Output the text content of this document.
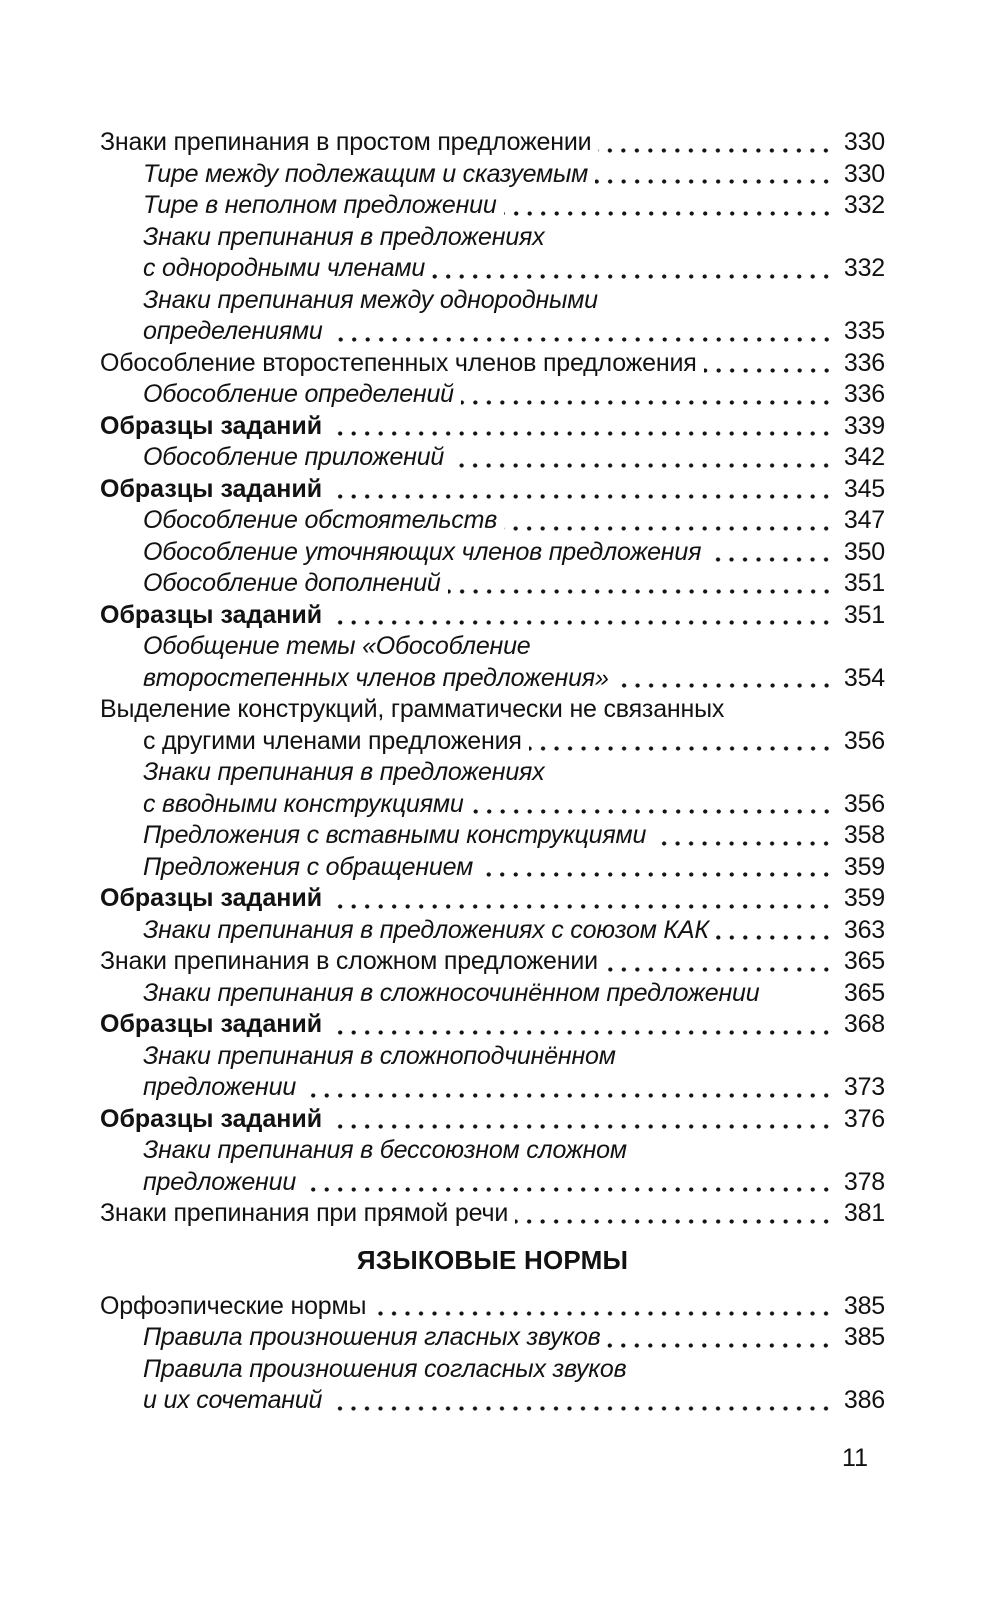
Знаки препинания в простом предложении	330
Тире между подлежащим и сказуемым	330
Тире в неполном предложении	332
Знаки препинания в предложениях
с однородными членами	332
Знаки препинания между однородными
определениями	335
Обособление второстепенных членов предложения	336
Обособление определений	336
Образцы заданий	339
Обособление приложений	342
Образцы заданий	345
Обособление обстоятельств	347
Обособление уточняющих членов предложения	350
Обособление дополнений	351
Образцы заданий	351
Обобщение темы «Обособление
второстепенных членов предложения»	354
Выделение конструкций, грамматически не связанных
с другими членами предложения	356
Знаки препинания в предложениях
с вводными конструкциями	356
Предложения с вставными конструкциями	358
Предложения с обращением	359
Образцы заданий	359
Знаки препинания в предложениях с союзом КАК	363
Знаки препинания в сложном предложении	365
Знаки препинания в сложносочинённом предложении	365
Образцы заданий	368
Знаки препинания в сложноподчинённом
предложении	373
Образцы заданий	376
Знаки препинания в бессоюзном сложном
предложении	378
Знаки препинания при прямой речи	381
ЯЗЫКОВЫЕ НОРМЫ
Орфоэпические нормы	385
Правила произношения гласных звуков	385
Правила произношения согласных звуков
и их сочетаний	386
11
